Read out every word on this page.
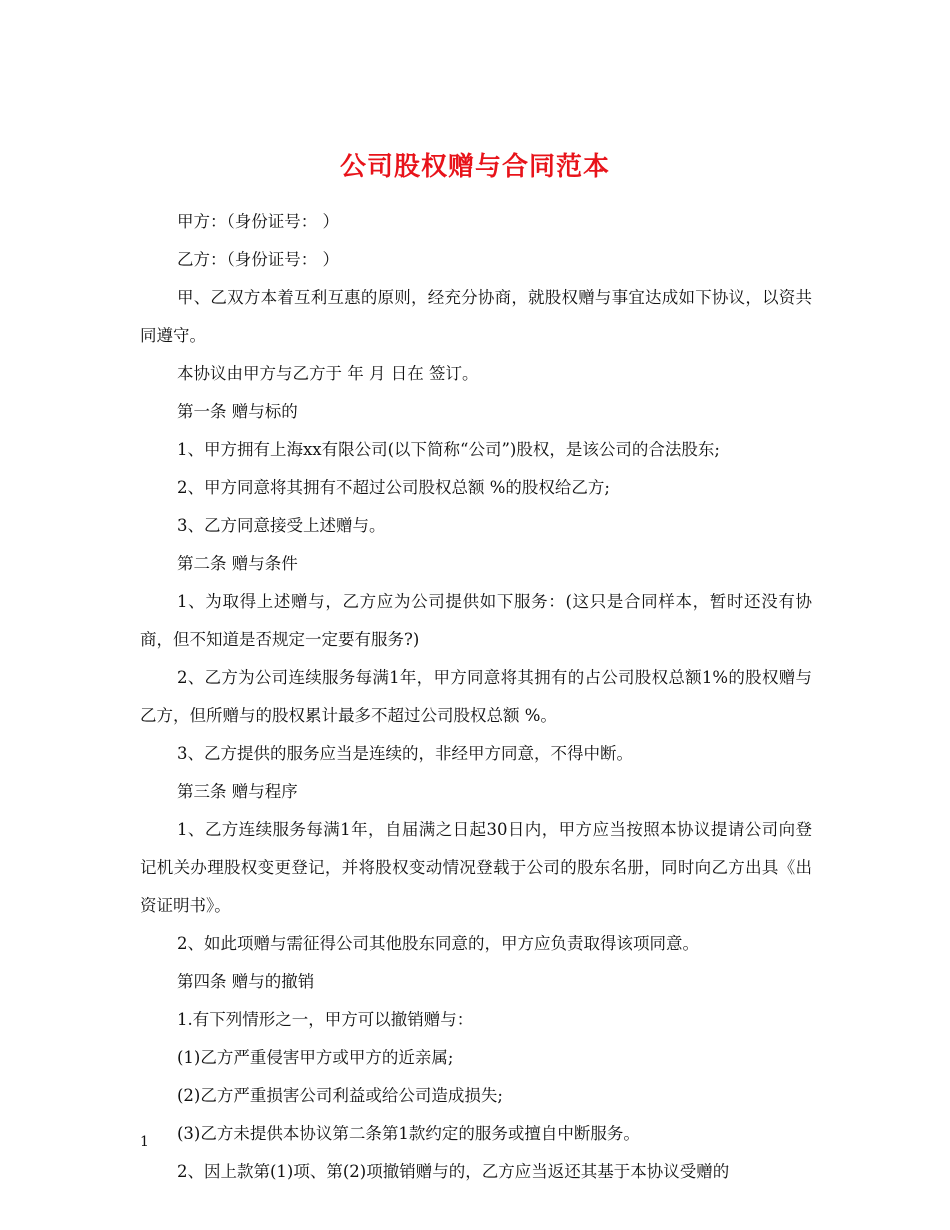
公司股权赠与合同范本

甲方：（身份证号： ）

乙方：（身份证号： ）

甲、乙双方本着互利互惠的原则，经充分协商，就股权赠与事宜达成如下协议，以资共同遵守。

本协议由甲方与乙方于 年 月 日在 签订。

第一条 赠与标的

1、甲方拥有上海xx有限公司(以下简称“公司”)股权，是该公司的合法股东;

2、甲方同意将其拥有不超过公司股权总额 %的股权给乙方;

3、乙方同意接受上述赠与。

第二条 赠与条件

1、为取得上述赠与，乙方应为公司提供如下服务：(这只是合同样本，暂时还没有协商，但不知道是否规定一定要有服务?)

2、乙方为公司连续服务每满1年，甲方同意将其拥有的占公司股权总额1%的股权赠与乙方，但所赠与的股权累计最多不超过公司股权总额 %。

3、乙方提供的服务应当是连续的，非经甲方同意，不得中断。

第三条 赠与程序

1、乙方连续服务每满1年，自届满之日起30日内，甲方应当按照本协议提请公司向登记机关办理股权变更登记，并将股权变动情况登载于公司的股东名册，同时向乙方出具《出资证明书》。

2、如此项赠与需征得公司其他股东同意的，甲方应负责取得该项同意。

第四条 赠与的撤销

1.有下列情形之一，甲方可以撤销赠与：

(1)乙方严重侵害甲方或甲方的近亲属;

(2)乙方严重损害公司利益或给公司造成损失;

(3)乙方未提供本协议第二条第1款约定的服务或擅自中断服务。

2、因上款第(1)项、第(2)项撤销赠与的，乙方应当返还其基于本协议受赠的

1
